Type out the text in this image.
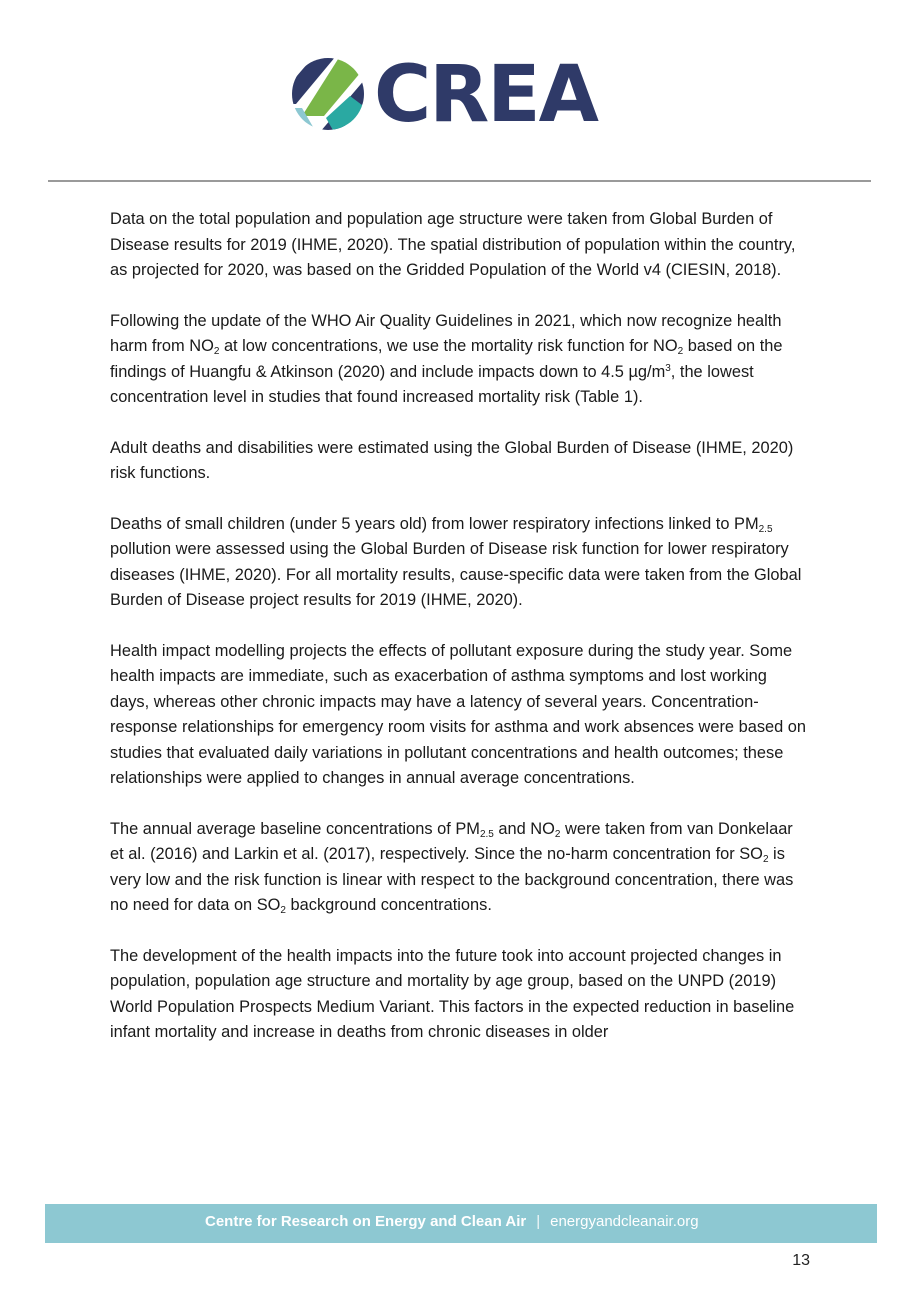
CREA

Data on the total population and population age structure were taken from Global Burden of Disease results for 2019 (IHME, 2020). The spatial distribution of population within the country, as projected for 2020, was based on the Gridded Population of the World v4 (CIESIN, 2018).

Following the update of the WHO Air Quality Guidelines in 2021, which now recognize health harm from $NO_2$ at low concentrations, we use the mortality risk function for $NO_2$ based on the findings of Huangfu & Atkinson (2020) and include impacts down to 4.5 $\mu g/m^3$, the lowest concentration level in studies that found increased mortality risk (Table 1).

Adult deaths and disabilities were estimated using the Global Burden of Disease (IHME, 2020) risk functions.

Deaths of small children (under 5 years old) from lower respiratory infections linked to $PM_{2.5}$ pollution were assessed using the Global Burden of Disease risk function for lower respiratory diseases (IHME, 2020). For all mortality results, cause-specific data were taken from the Global Burden of Disease project results for 2019 (IHME, 2020).

Health impact modelling projects the effects of pollutant exposure during the study year. Some health impacts are immediate, such as exacerbation of asthma symptoms and lost working days, whereas other chronic impacts may have a latency of several years. Concentration-response relationships for emergency room visits for asthma and work absences were based on studies that evaluated daily variations in pollutant concentrations and health outcomes; these relationships were applied to changes in annual average concentrations.

The annual average baseline concentrations of $PM_{2.5}$ and $NO_2$ were taken from van Donkelaar et al. (2016) and Larkin et al. (2017), respectively. Since the no-harm concentration for $SO_2$ is very low and the risk function is linear with respect to the background concentration, there was no need for data on $SO_2$ background concentrations.

The development of the health impacts into the future took into account projected changes in population, population age structure and mortality by age group, based on the UNPD (2019) World Population Prospects Medium Variant. This factors in the expected reduction in baseline infant mortality and increase in deaths from chronic diseases in older

Centre for Research on Energy and Clean Air | energyandcleanair.org
13
